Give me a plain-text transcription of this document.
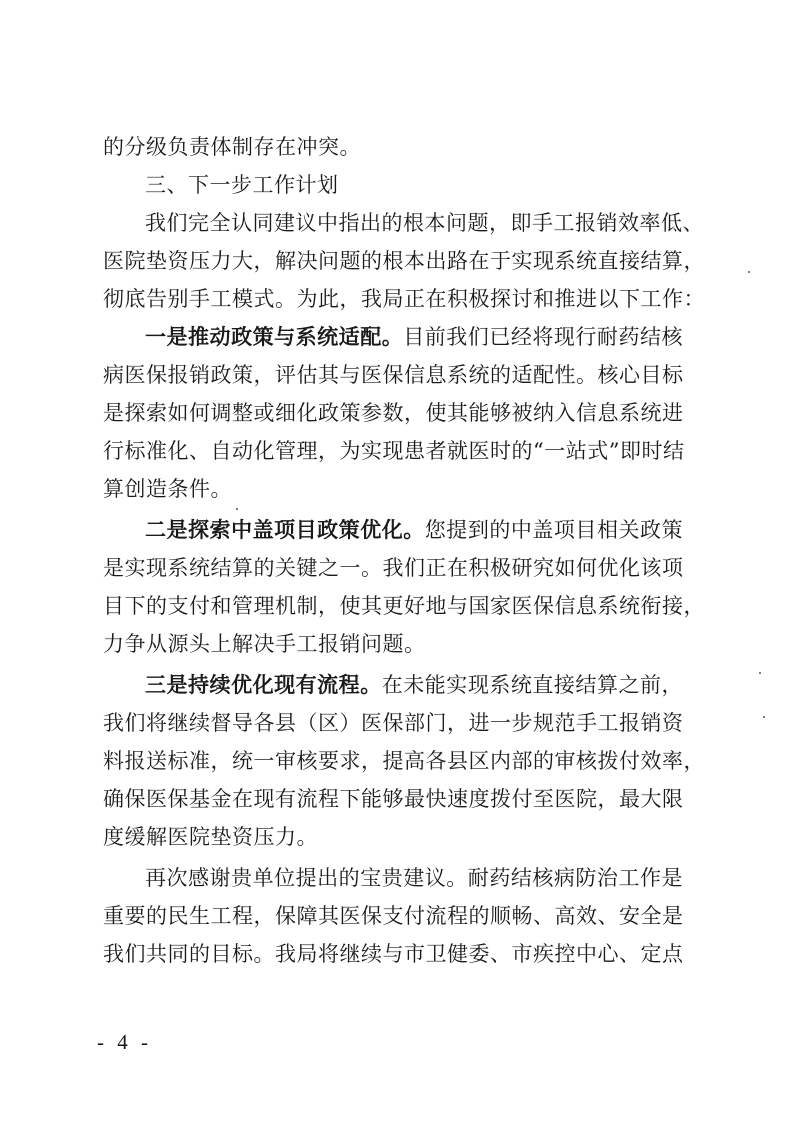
的分级负责体制存在冲突。
三、下一步工作计划
我们完全认同建议中指出的根本问题，即手工报销效率低、
医院垫资压力大，解决问题的根本出路在于实现系统直接结算，
彻底告别手工模式。为此，我局正在积极探讨和推进以下工作：
一是推动政策与系统适配。目前我们已经将现行耐药结核
病医保报销政策，评估其与医保信息系统的适配性。核心目标
是探索如何调整或细化政策参数，使其能够被纳入信息系统进
行标准化、自动化管理，为实现患者就医时的“一站式”即时结
算创造条件。
二是探索中盖项目政策优化。您提到的中盖项目相关政策
是实现系统结算的关键之一。我们正在积极研究如何优化该项
目下的支付和管理机制，使其更好地与国家医保信息系统衔接，
力争从源头上解决手工报销问题。
三是持续优化现有流程。在未能实现系统直接结算之前，
我们将继续督导各县（区）医保部门，进一步规范手工报销资
料报送标准，统一审核要求，提高各县区内部的审核拨付效率，
确保医保基金在现有流程下能够最快速度拨付至医院，最大限
度缓解医院垫资压力。
再次感谢贵单位提出的宝贵建议。耐药结核病防治工作是
重要的民生工程，保障其医保支付流程的顺畅、高效、安全是
我们共同的目标。我局将继续与市卫健委、市疾控中心、定点
- 4 -
